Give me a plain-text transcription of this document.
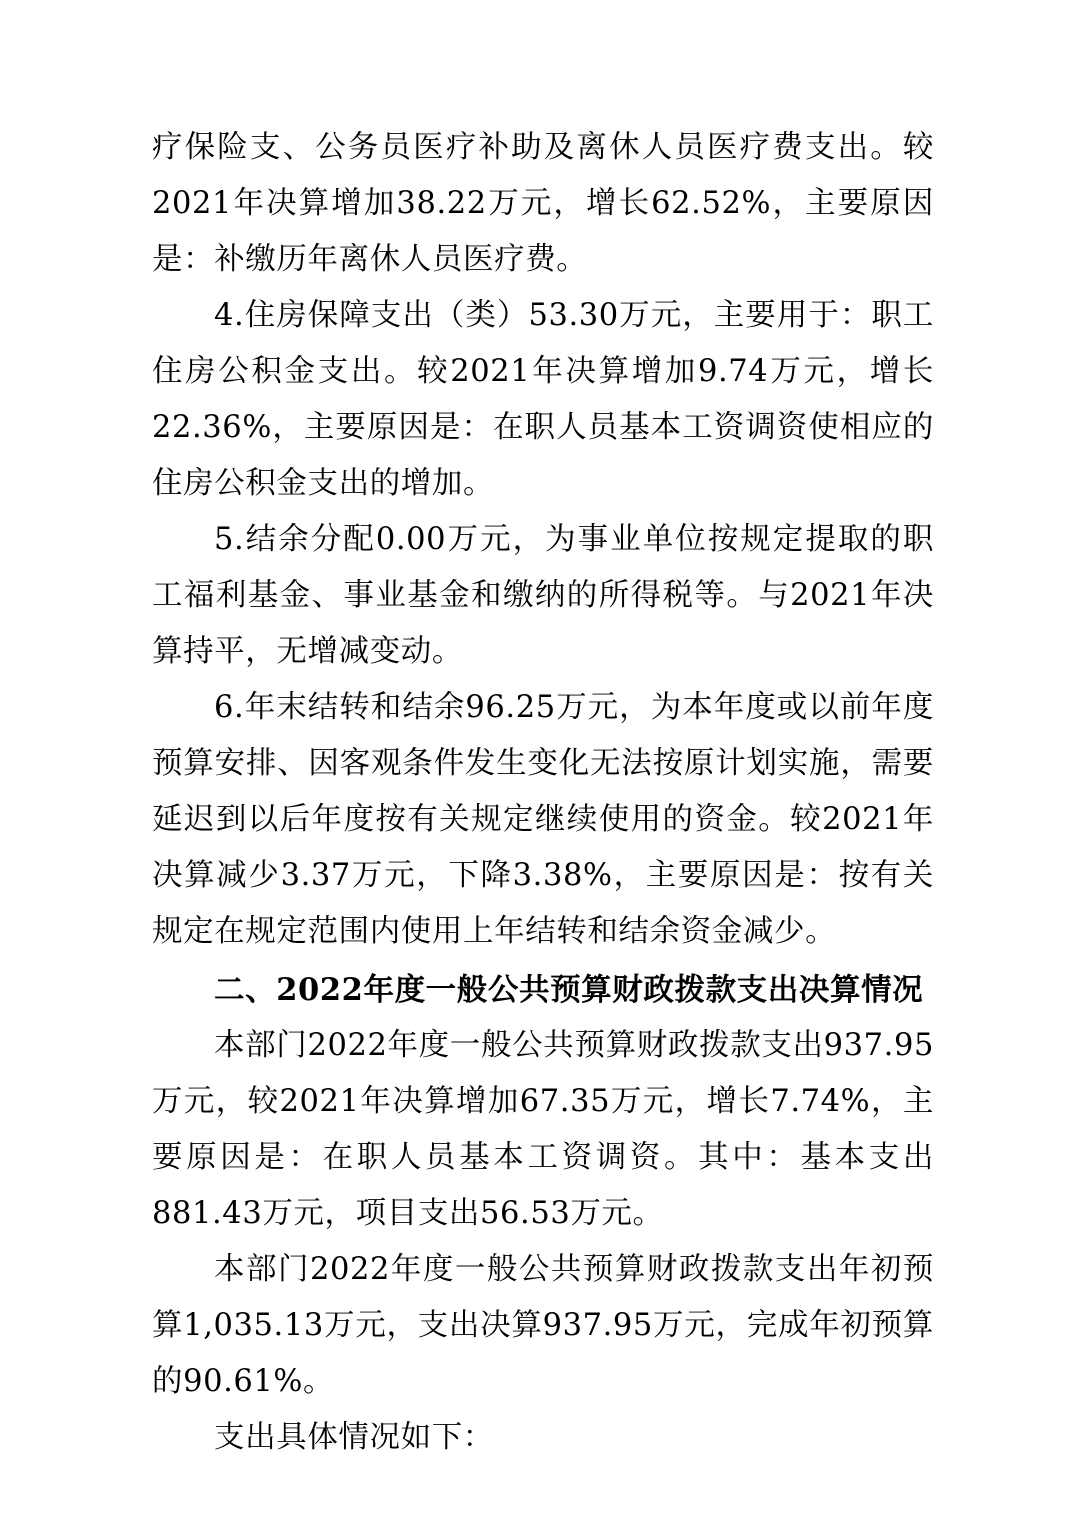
疗保险支、公务员医疗补助及离休人员医疗费支出。较2021年决算增加38.22万元，增长62.52%，主要原因是：补缴历年离休人员医疗费。

4.住房保障支出（类）53.30万元，主要用于：职工住房公积金支出。较2021年决算增加9.74万元，增长22.36%，主要原因是：在职人员基本工资调资使相应的住房公积金支出的增加。

5.结余分配0.00万元，为事业单位按规定提取的职工福利基金、事业基金和缴纳的所得税等。与2021年决算持平，无增减变动。

6.年末结转和结余96.25万元，为本年度或以前年度预算安排、因客观条件发生变化无法按原计划实施，需要延迟到以后年度按有关规定继续使用的资金。较2021年决算减少3.37万元，下降3.38%，主要原因是：按有关规定在规定范围内使用上年结转和结余资金减少。

二、2022年度一般公共预算财政拨款支出决算情况

本部门2022年度一般公共预算财政拨款支出937.95万元，较2021年决算增加67.35万元，增长7.74%，主要原因是：在职人员基本工资调资。其中：基本支出881.43万元，项目支出56.53万元。

本部门2022年度一般公共预算财政拨款支出年初预算1,035.13万元，支出决算937.95万元，完成年初预算的90.61%。

支出具体情况如下：
